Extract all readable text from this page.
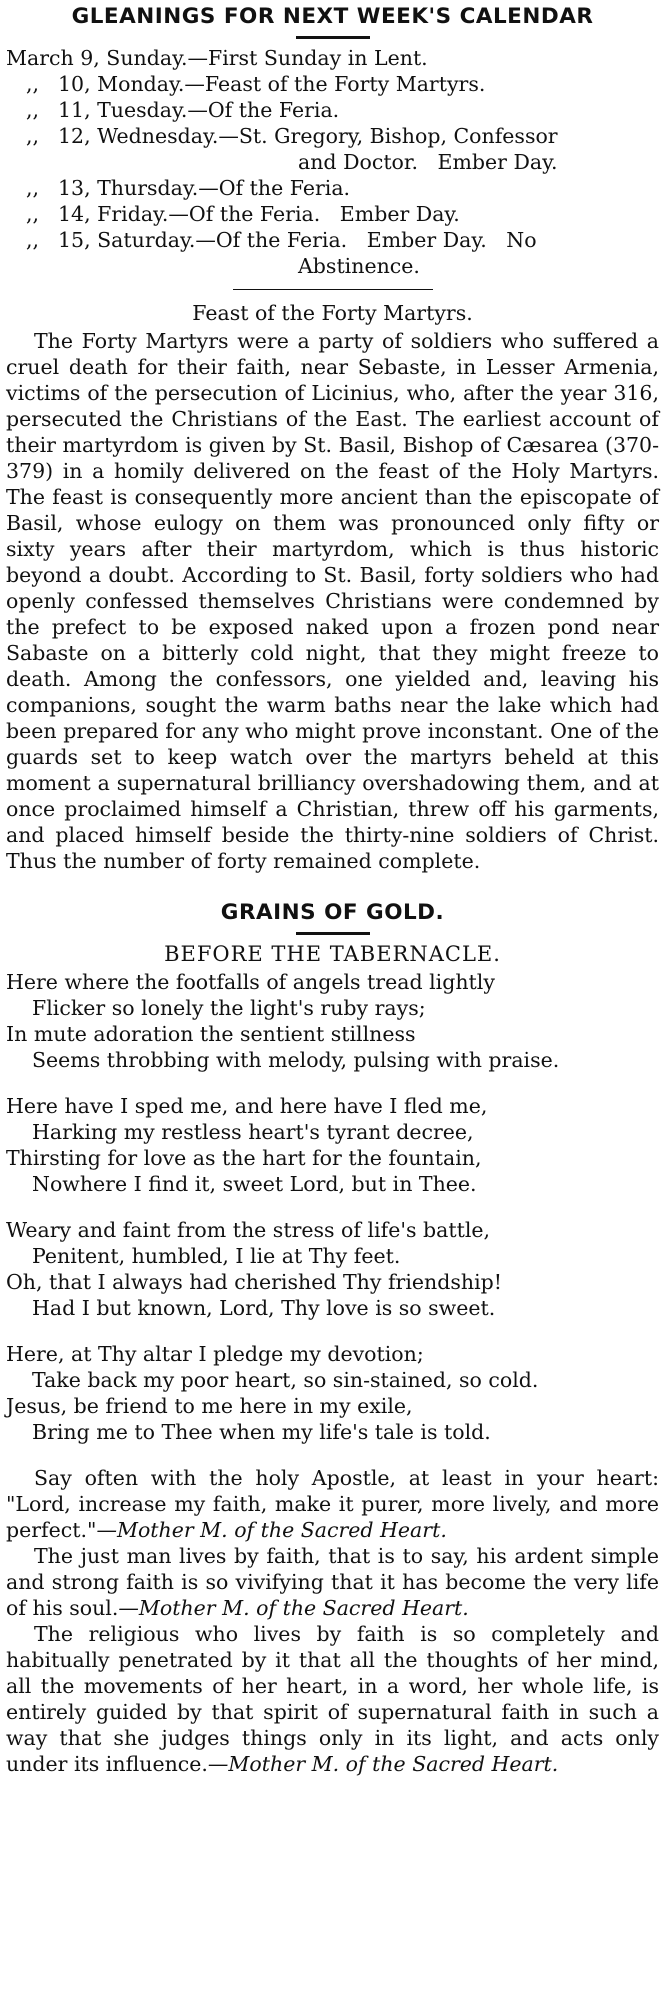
GLEANINGS FOR NEXT WEEK'S CALENDAR
March 9, Sunday. —First Sunday in Lent.
,, 10, Monday. —Feast of the Forty Martyrs.
,, 11, Tuesday. —Of the Feria.
,, 12, Wednesday. —St. Gregory, Bishop, Confessor
and Doctor.   Ember Day.
,, 13, Thursday. —Of the Feria.
,, 14, Friday. —Of the Feria.   Ember Day.
,, 15, Saturday. —Of the Feria.   Ember Day.   No
Abstinence.
Feast of the Forty Martyrs.

The Forty Martyrs were a party of soldiers who suffered a cruel death for their faith, near Sebaste, in Lesser Armenia, victims of the persecution of Licinius, who, after the year 316, persecuted the Christians of the East. The earliest account of their martyrdom is given by St. Basil, Bishop of Cæsarea (370-379) in a homily delivered on the feast of the Holy Martyrs. The feast is consequently more ancient than the episcopate of Basil, whose eulogy on them was pronounced only fifty or sixty years after their martyrdom, which is thus historic beyond a doubt. According to St. Basil, forty soldiers who had openly confessed themselves Christians were condemned by the prefect to be exposed naked upon a frozen pond near Sabaste on a bitterly cold night, that they might freeze to death. Among the confessors, one yielded and, leaving his companions, sought the warm baths near the lake which had been prepared for any who might prove inconstant. One of the guards set to keep watch over the martyrs beheld at this moment a supernatural brilliancy overshadowing them, and at once proclaimed himself a Christian, threw off his garments, and placed himself beside the thirty-nine soldiers of Christ. Thus the number of forty remained complete.

GRAINS OF GOLD.
BEFORE THE TABERNACLE.
Here where the footfalls of angels tread lightly
Flicker so lonely the light's ruby rays;
In mute adoration the sentient stillness
Seems throbbing with melody, pulsing with praise.
Here have I sped me, and here have I fled me,
Harking my restless heart's tyrant decree,
Thirsting for love as the hart for the fountain,
Nowhere I find it, sweet Lord, but in Thee.
Weary and faint from the stress of life's battle,
Penitent, humbled, I lie at Thy feet.
Oh, that I always had cherished Thy friendship!
Had I but known, Lord, Thy love is so sweet.
Here, at Thy altar I pledge my devotion;
Take back my poor heart, so sin-stained, so cold.
Jesus, be friend to me here in my exile,
Bring me to Thee when my life's tale is told.

Say often with the holy Apostle, at least in your heart: "Lord, increase my faith, make it purer, more lively, and more perfect."—Mother M. of the Sacred Heart.

The just man lives by faith, that is to say, his ardent simple and strong faith is so vivifying that it has become the very life of his soul.—Mother M. of the Sacred Heart.

The religious who lives by faith is so completely and habitually penetrated by it that all the thoughts of her mind, all the movements of her heart, in a word, her whole life, is entirely guided by that spirit of supernatural faith in such a way that she judges things only in its light, and acts only under its influence.—Mother M. of the Sacred Heart.
